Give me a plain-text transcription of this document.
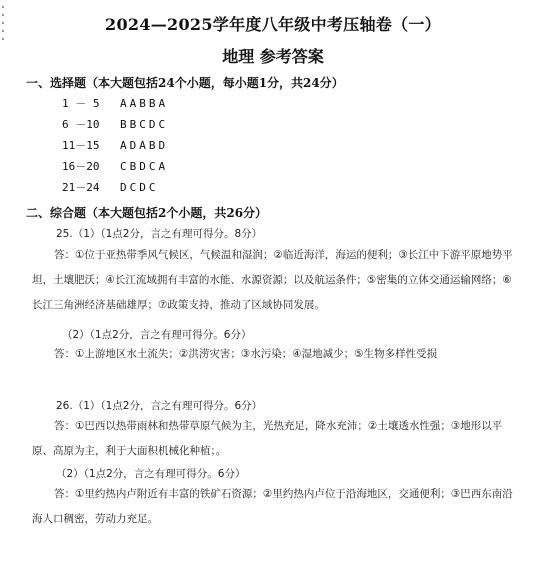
2024—2025学年度八年级中考压轴卷（一）
地理 参考答案
一、选择题（本大题包括24个小题，每小题1分，共24分）
1 － 5 AABBA
6 －10 BBCDC
11－15 ADABD
16－20 CBDCA
21－24 DCDC
二、综合题（本大题包括2个小题，共26分）
25.（1）（1点2分，言之有理可得分。8分）
答：①位于亚热带季风气候区，气候温和湿润；②临近海洋，海运的便利；③长江中下游平原地势平坦，土壤肥沃；④长江流域拥有丰富的水能、水源资源；以及航运条件；⑤密集的立体交通运输网络；⑥长江三角洲经济基础雄厚；⑦政策支持，推动了区域协同发展。
（2）（1点2分，言之有理可得分。6分）
答：①上游地区水土流失；②洪涝灾害；③水污染；④湿地减少；⑤生物多样性受损
26.（1）（1点2分，言之有理可得分。6分）
答：①巴西以热带雨林和热带草原气候为主，光热充足，降水充沛；②土壤透水性强；③地形以平原、高原为主，利于大面积机械化种植；。
（2）（1点2分，言之有理可得分。6分）
答：①里约热内卢附近有丰富的铁矿石资源；②里约热内卢位于沿海地区，交通便利；③巴西东南沿海人口稠密，劳动力充足。
